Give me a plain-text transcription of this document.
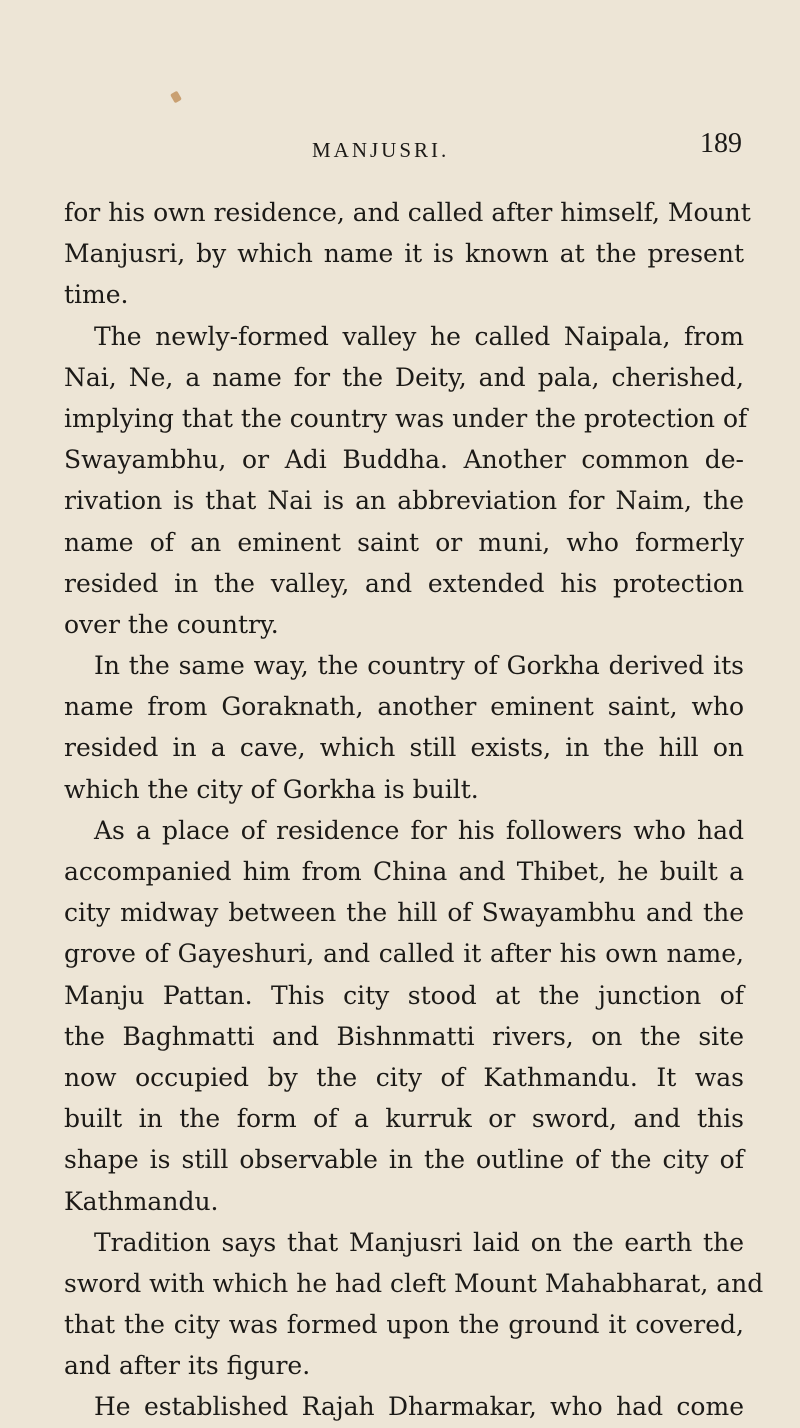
MANJUSRI.	189
for his own residence, and called after himself, Mount
Manjusri, by which name it is known at the present
time.
The newly-formed valley he called Naipala, from
Nai, Ne, a name for the Deity, and pala, cherished,
implying that the country was under the protection of
Swayambhu, or Adi Buddha. Another common de-
rivation is that Nai is an abbreviation for Naim, the
name of an eminent saint or muni, who formerly
resided in the valley, and extended his protection
over the country.
In the same way, the country of Gorkha derived its
name from Goraknath, another eminent saint, who
resided in a cave, which still exists, in the hill on
which the city of Gorkha is built.
As a place of residence for his followers who had
accompanied him from China and Thibet, he built a
city midway between the hill of Swayambhu and the
grove of Gayeshuri, and called it after his own name,
Manju Pattan. This city stood at the junction of
the Baghmatti and Bishnmatti rivers, on the site
now occupied by the city of Kathmandu. It was
built in the form of a kurruk or sword, and this
shape is still observable in the outline of the city of
Kathmandu.
Tradition says that Manjusri laid on the earth the
sword with which he had cleft Mount Mahabharat, and
that the city was formed upon the ground it covered,
and after its figure.
He established Rajah Dharmakar, who had come
